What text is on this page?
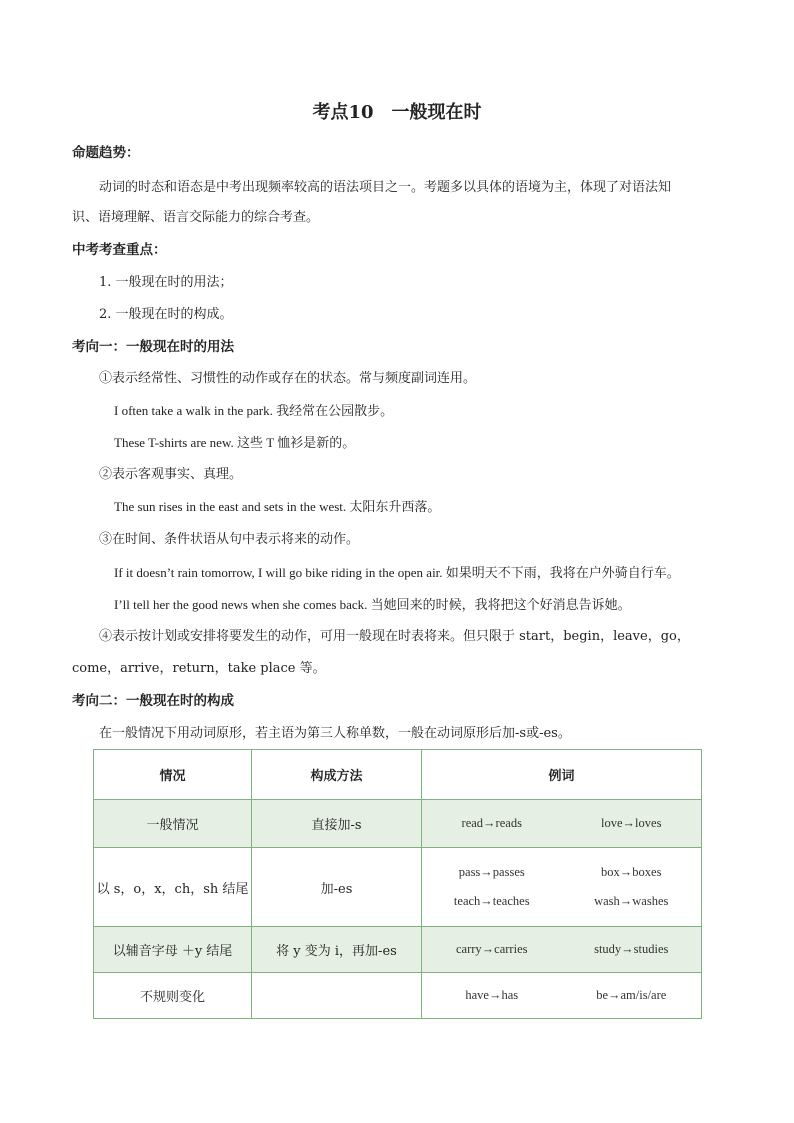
考点10　一般现在时
命题趋势：
动词的时态和语态是中考出现频率较高的语法项目之一。考题多以具体的语境为主，体现了对语法知
识、语境理解、语言交际能力的综合考查。
中考考查重点：
1. 一般现在时的用法；
2. 一般现在时的构成。
考向一：一般现在时的用法
①表示经常性、习惯性的动作或存在的状态。常与频度副词连用。
I often take a walk in the park. 我经常在公园散步。
These T-shirts are new. 这些 T 恤衫是新的。
②表示客观事实、真理。
The sun rises in the east and sets in the west. 太阳东升西落。
③在时间、条件状语从句中表示将来的动作。
If it doesn’t rain tomorrow, I will go bike riding in the open air. 如果明天不下雨，我将在户外骑自行车。
I’ll tell her the good news when she comes back. 当她回来的时候，我将把这个好消息告诉她。
④表示按计划或安排将要发生的动作，可用一般现在时表将来。但只限于 start，begin，leave，go，
come，arrive，return，take place 等。
考向二：一般现在时的构成
在一般情况下用动词原形，若主语为第三人称单数，一般在动词原形后加-s或-es。
情况	构成方法	例词
一般情况	直接加-s	read→reads love→loves

以 s，o，x，ch，sh 结尾	加-es	pass→passes box→boxes
teach→teaches wash→washes

以辅音字母 ＋y 结尾	将 y 变为 i，再加-es	carry→carries study→studies

不规则变化		have→has be→am/is/are
